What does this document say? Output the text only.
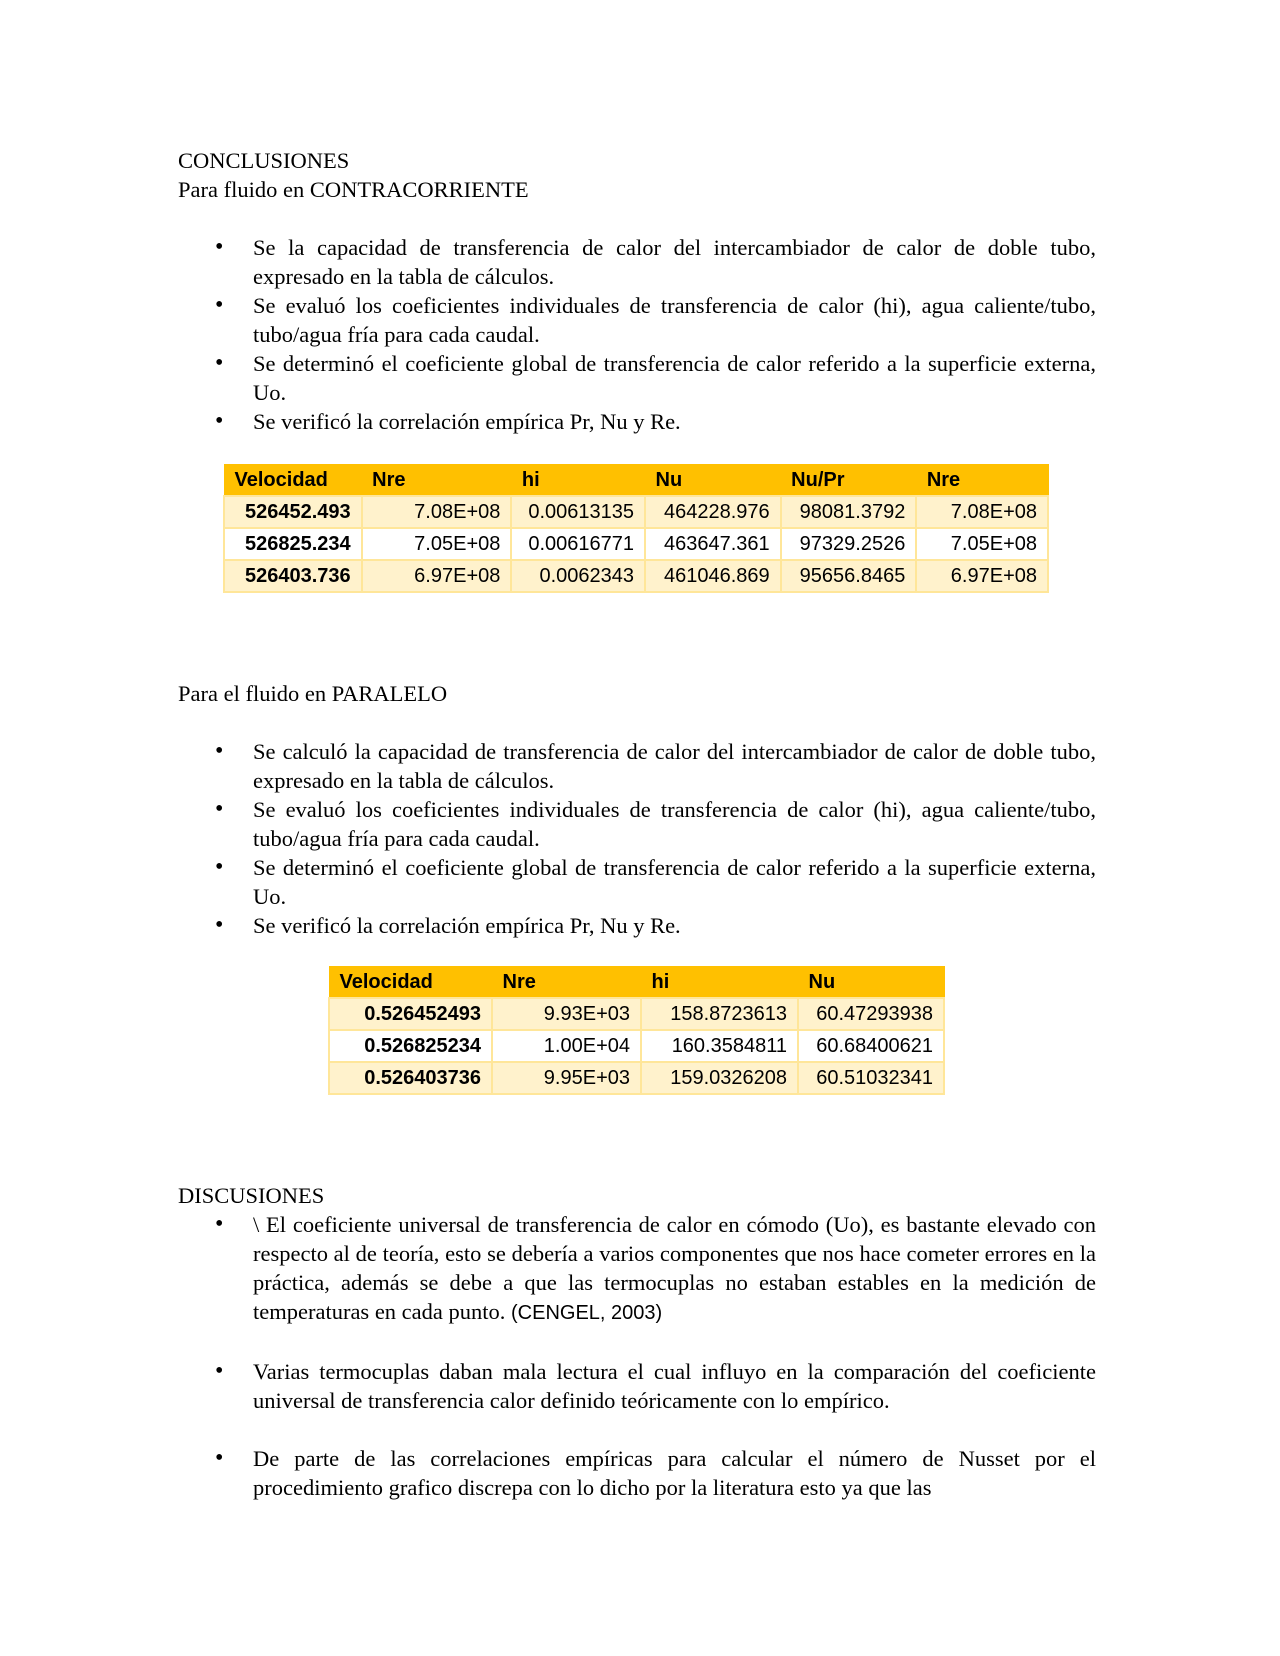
CONCLUSIONES
Para fluido en CONTRACORRIENTE
• Se la capacidad de transferencia de calor del intercambiador de calor de doble tubo, expresado en la tabla de cálculos.
• Se evaluó los coeficientes individuales de transferencia de calor (hi), agua caliente/tubo, tubo/agua fría para cada caudal.
• Se determinó el coeficiente global de transferencia de calor referido a la superficie externa, Uo.
• Se verificó la correlación empírica Pr, Nu y Re.
Velocidad	Nre	hi	Nu	Nu/Pr	Nre
526452.493	7.08E+08	0.00613135	464228.976	98081.3792	7.08E+08
526825.234	7.05E+08	0.00616771	463647.361	97329.2526	7.05E+08
526403.736	6.97E+08	0.0062343	461046.869	95656.8465	6.97E+08
Para el fluido en PARALELO
• Se calculó la capacidad de transferencia de calor del intercambiador de calor de doble tubo, expresado en la tabla de cálculos.
• Se evaluó los coeficientes individuales de transferencia de calor (hi), agua caliente/tubo, tubo/agua fría para cada caudal.
• Se determinó el coeficiente global de transferencia de calor referido a la superficie externa, Uo.
• Se verificó la correlación empírica Pr, Nu y Re.
Velocidad	Nre	hi	Nu
0.526452493	9.93E+03	158.8723613	60.47293938
0.526825234	1.00E+04	160.3584811	60.68400621
0.526403736	9.95E+03	159.0326208	60.51032341
DISCUSIONES
• \ El coeficiente universal de transferencia de calor en cómodo (Uo), es bastante elevado con respecto al de teoría, esto se debería a varios componentes que nos hace cometer errores en la práctica, además se debe a que las termocuplas no estaban estables en la medición de temperaturas en cada punto. (CENGEL, 2003)
• Varias termocuplas daban mala lectura el cual influyo en la comparación del coeficiente universal de transferencia calor definido teóricamente con lo empírico.
• De parte de las correlaciones empíricas para calcular el número de Nusset por el procedimiento grafico discrepa con lo dicho por la literatura esto ya que las
